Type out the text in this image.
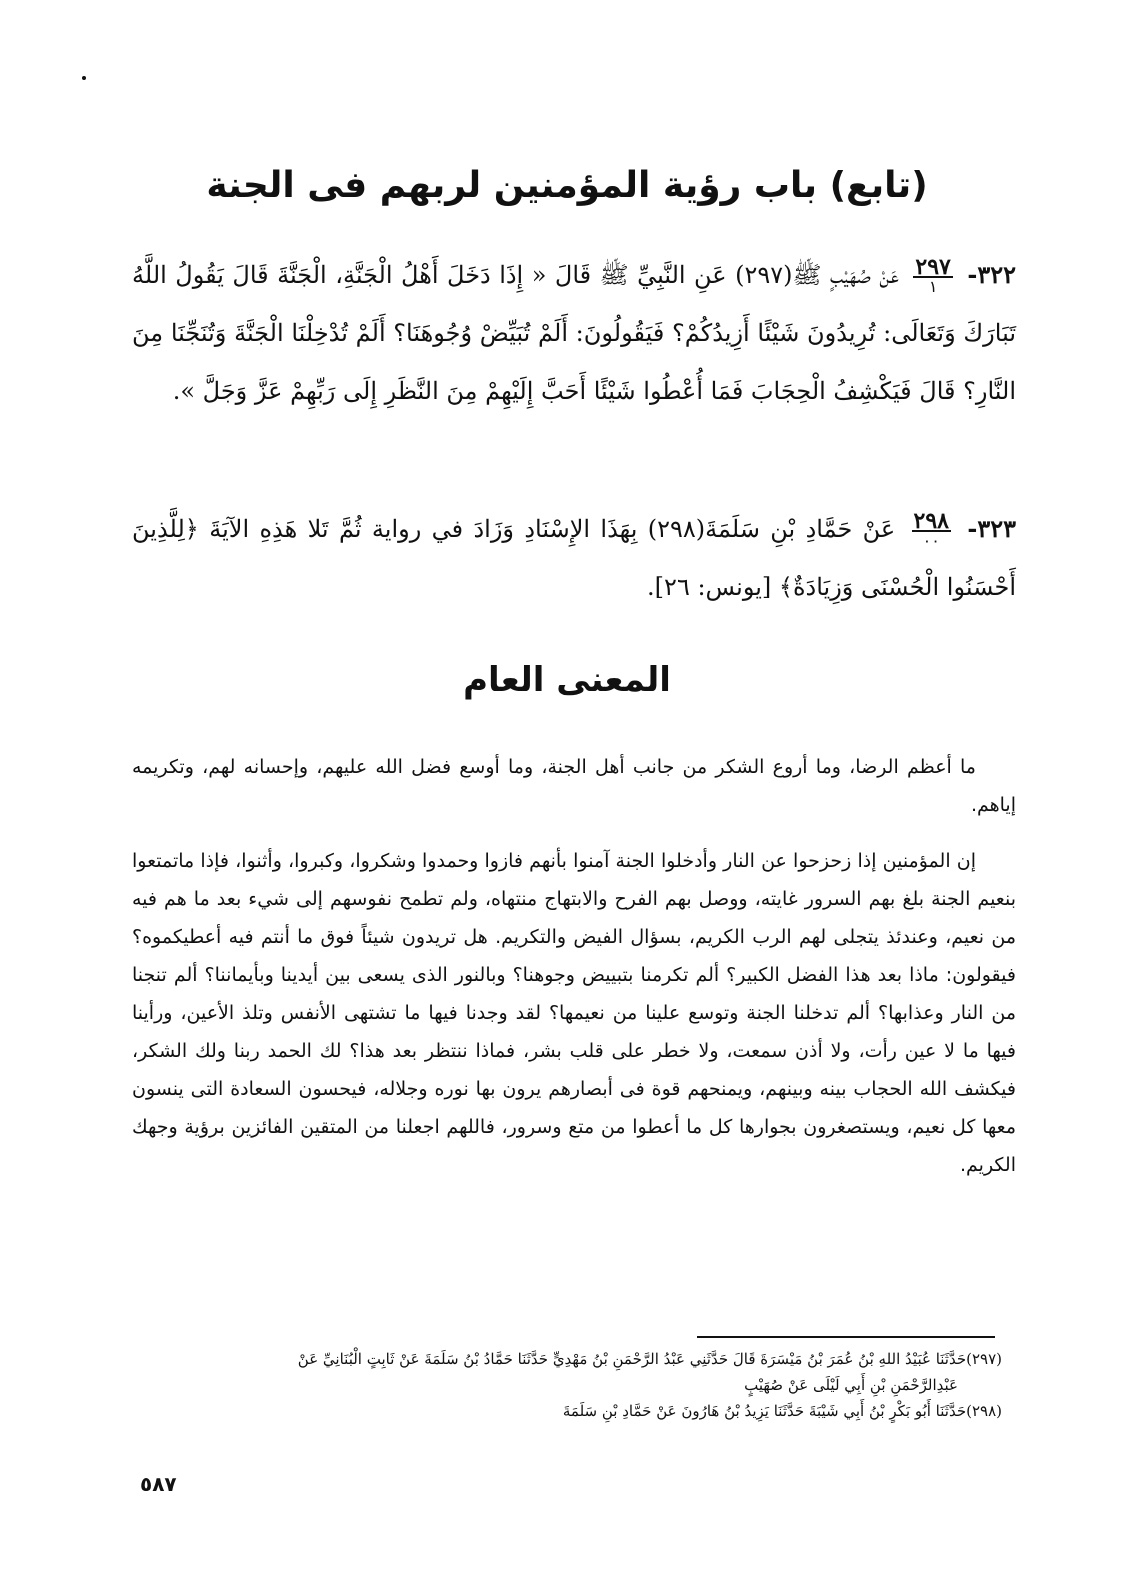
(تابع) باب رؤية المؤمنين لربهم فى الجنة

٣٢٢-
$\frac{٢٩٧}{١}$
عَنْ صُهَيْبٍ ﷺ(٢٩٧) عَنِ النَّبِيِّ ﷺ قَالَ « إِذَا دَخَلَ أَهْلُ الْجَنَّةِ، الْجَنَّةَ قَالَ يَقُولُ اللَّهُ تَبَارَكَ وَتَعَالَى: تُرِيدُونَ شَيْئًا أَزِيدُكُمْ؟ فَيَقُولُونَ: أَلَمْ تُبَيِّضْ وُجُوهَنَا؟ أَلَمْ تُدْخِلْنَا الْجَنَّةَ وَتُنَجِّنَا مِنَ النَّارِ؟ قَالَ فَيَكْشِفُ الْحِجَابَ فَمَا أُعْطُوا شَيْئًا أَحَبَّ إِلَيْهِمْ مِنَ النَّظَرِ إِلَى رَبِّهِمْ عَزَّ وَجَلَّ ».

٣٢٣-
$\frac{٢٩٨}{٠٠}$
عَنْ حَمَّادِ بْنِ سَلَمَةَ(٢٩٨) بِهَذَا الإِسْنَادِ وَزَادَ في رواية ثُمَّ تَلا هَذِهِ الآيَةَ ﴿لِلَّذِينَ أَحْسَنُوا الْحُسْنَى وَزِيَادَةٌ﴾ [يونس: ٢٦].

المعنى العام

ما أعظم الرضا، وما أروع الشكر من جانب أهل الجنة، وما أوسع فضل الله عليهم، وإحسانه لهم، وتكريمه إياهم.

إن المؤمنين إذا زحزحوا عن النار وأدخلوا الجنة آمنوا بأنهم فازوا وحمدوا وشكروا، وكبروا، وأثنوا، فإذا ماتمتعوا بنعيم الجنة بلغ بهم السرور غايته، ووصل بهم الفرح والابتهاج منتهاه، ولم تطمح نفوسهم إلى شيء بعد ما هم فيه من نعيم، وعندئذ يتجلى لهم الرب الكريم، بسؤال الفيض والتكريم. هل تريدون شيئاً فوق ما أنتم فيه أعطيكموه؟ فيقولون: ماذا بعد هذا الفضل الكبير؟ ألم تكرمنا بتبييض وجوهنا؟ وبالنور الذى يسعى بين أيدينا وبأيماننا؟ ألم تنجنا من النار وعذابها؟ ألم تدخلنا الجنة وتوسع علينا من نعيمها؟ لقد وجدنا فيها ما تشتهى الأنفس وتلذ الأعين، ورأينا فيها ما لا عين رأت، ولا أذن سمعت، ولا خطر على قلب بشر، فماذا ننتظر بعد هذا؟ لك الحمد ربنا ولك الشكر، فيكشف الله الحجاب بينه وبينهم، ويمنحهم قوة فى أبصارهم يرون بها نوره وجلاله، فيحسون السعادة التى ينسون معها كل نعيم، ويستصغرون بجوارها كل ما أعطوا من متع وسرور، فاللهم اجعلنا من المتقين الفائزين برؤية وجهك الكريم.

(٢٩٧)حَدَّثَنَا عُبَيْدُ اللهِ بْنُ عُمَرَ بْنُ مَيْسَرَةَ قَالَ حَدَّثَنِي عَبْدُ الرَّحْمَنِ بْنُ مَهْدِيٍّ حَدَّثَنَا حَمَّادُ بْنُ سَلَمَةَ عَنْ ثَابِتٍ الْبُنَانِيِّ عَنْ

عَبْدِالرَّحْمَنِ بْنِ أَبِي لَيْلَى عَنْ صُهَيْبٍ

(٢٩٨)حَدَّثَنَا أَبُو بَكْرٍ بْنُ أَبِي شَيْبَةَ حَدَّثَنَا يَزِيدُ بْنُ هَارُونَ عَنْ حَمَّادِ بْنِ سَلَمَةَ

٥٨٧
